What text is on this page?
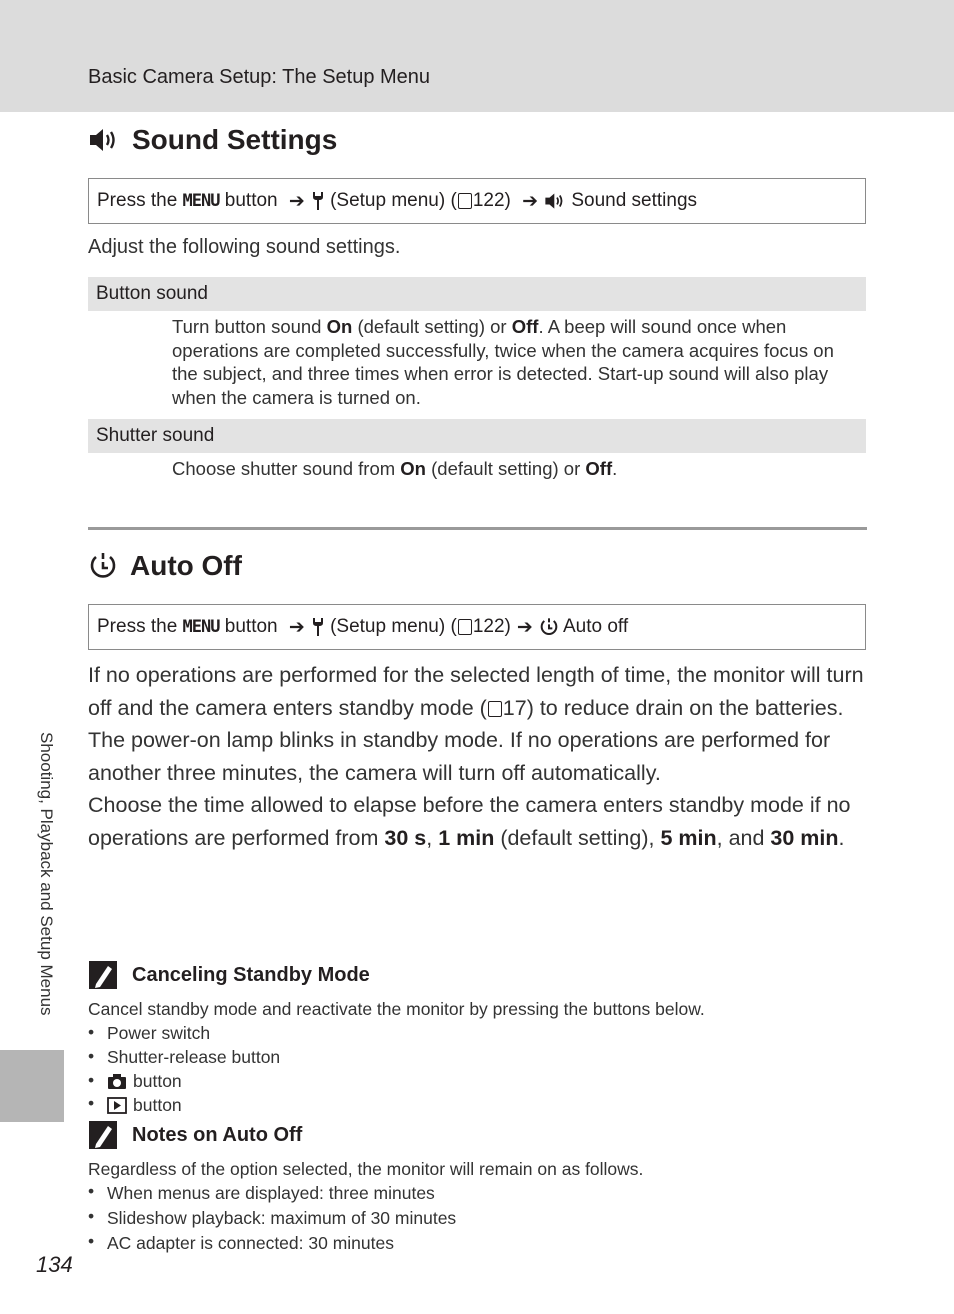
Basic Camera Setup: The Setup Menu
Shooting, Playback and Setup Menus
Sound Settings
Press the MENU button ➔ (Setup menu) ( 122) ➔ Sound settings
Adjust the following sound settings.
Button sound
Turn button sound On (default setting) or Off. A beep will sound once when operations are completed successfully, twice when the camera acquires focus on the subject, and three times when error is detected. Start-up sound will also play when the camera is turned on.
Shutter sound
Choose shutter sound from On (default setting) or Off.
Auto Off
Press the MENU button ➔ (Setup menu) ( 122) ➔ Auto off
If no operations are performed for the selected length of time, the monitor will turn off and the camera enters standby mode ( 17) to reduce drain on the batteries. The power-on lamp blinks in standby mode. If no operations are performed for another three minutes, the camera will turn off automatically.
Choose the time allowed to elapse before the camera enters standby mode if no operations are performed from 30 s, 1 min (default setting), 5 min, and 30 min.
Canceling Standby Mode
Cancel standby mode and reactivate the monitor by pressing the buttons below.
• Power switch
• Shutter-release button
• button
• button
Notes on Auto Off
Regardless of the option selected, the monitor will remain on as follows.
• When menus are displayed: three minutes
• Slideshow playback: maximum of 30 minutes
• AC adapter is connected: 30 minutes
134
